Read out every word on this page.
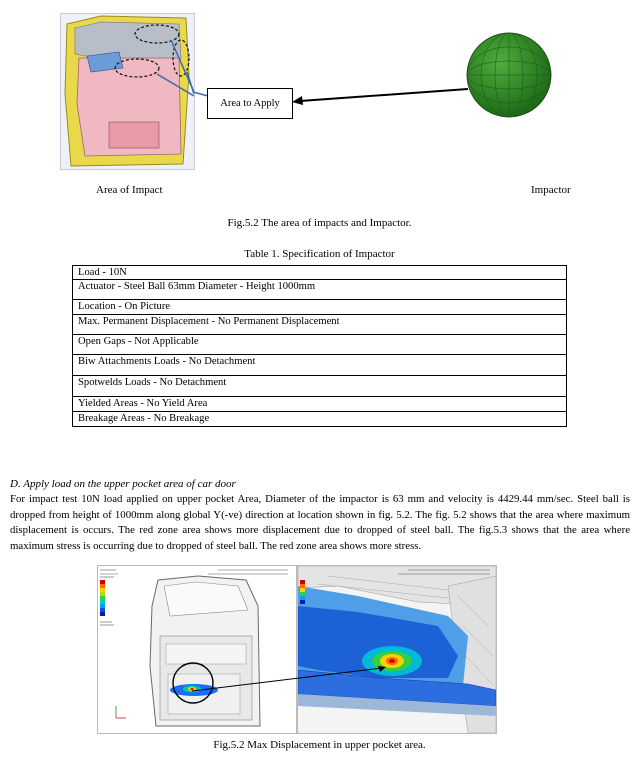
Area to Apply
Area of Impact	Impactor
Fig.5.2 The area of impacts and Impactor.
Table 1. Specification of Impactor
Load - 10N
Actuator - Steel Ball 63mm Diameter - Height 1000mm
Location - On Picture
Max. Permanent Displacement - No Permanent Displacement
Open Gaps - Not Applicable
Biw Attachments Loads - No Detachment
Spotwelds Loads - No Detachment
Yielded Areas - No Yield Area
Breakage Areas - No Breakage
D. Apply load on the upper pocket area of car door
For impact test 10N load applied on upper pocket Area, Diameter of the impactor is 63 mm and velocity is 4429.44 mm/sec. Steel ball is dropped from height of 1000mm along global Y(-ve) direction at location shown in fig. 5.2. The fig. 5.2 shows that the area where maximum displacement is occurs. The red zone area shows more displacement due to dropped of steel ball. The fig.5.3 shows that the area where maximum stress is occurring due to dropped of steel ball. The red zone area shows more stress.
Fig.5.2 Max Displacement in upper pocket area.
